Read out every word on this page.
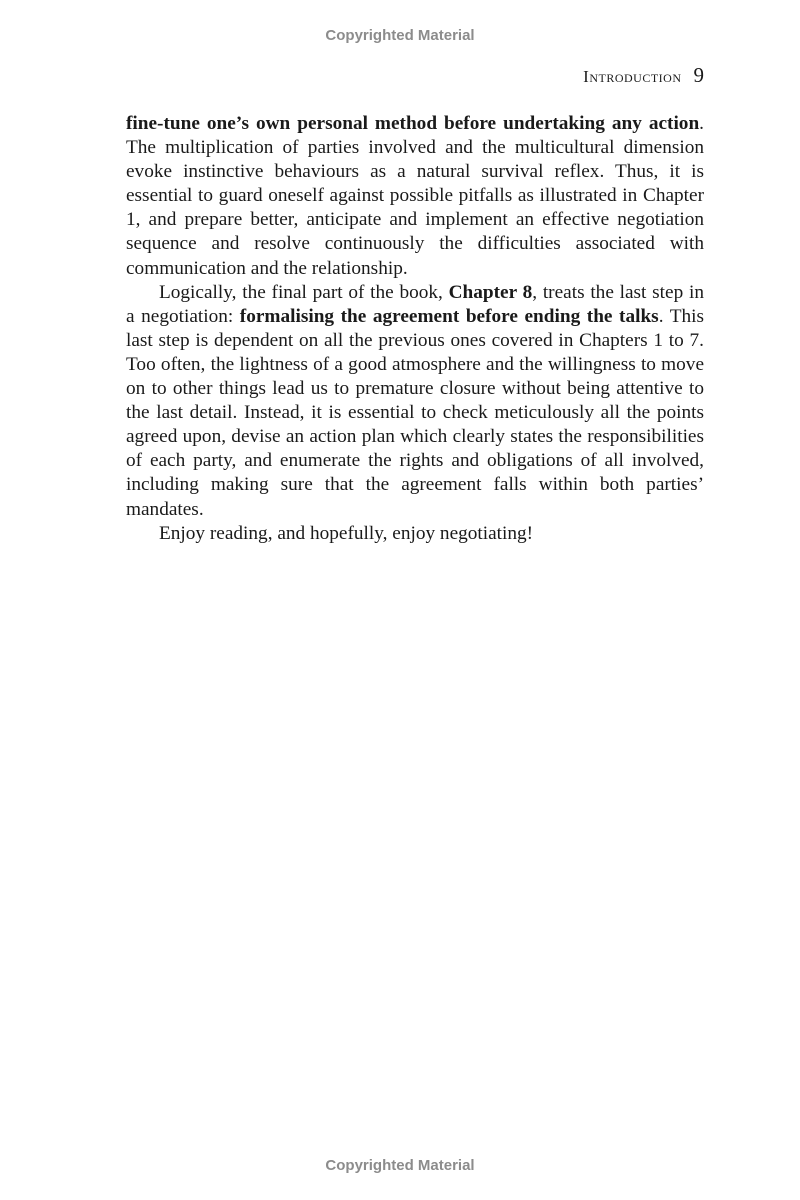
Copyrighted Material
Introduction 9

fine-tune one’s own personal method before undertaking any action. The multiplication of parties involved and the multicultural dimension evoke instinctive behaviours as a natural survival reflex. Thus, it is essential to guard oneself against possible pitfalls as illustrated in Chapter 1, and prepare better, anticipate and implement an effective negotiation sequence and resolve continuously the difficulties associated with communication and the relationship.

Logically, the final part of the book, Chapter 8, treats the last step in a negotiation: formalising the agreement before ending the talks. This last step is dependent on all the previous ones covered in Chapters 1 to 7. Too often, the lightness of a good atmosphere and the willingness to move on to other things lead us to premature closure without being attentive to the last detail. Instead, it is essential to check meticulously all the points agreed upon, devise an action plan which clearly states the responsibilities of each party, and enumerate the rights and obligations of all involved, including making sure that the agreement falls within both parties’ mandates.

Enjoy reading, and hopefully, enjoy negotiating!

Copyrighted Material
